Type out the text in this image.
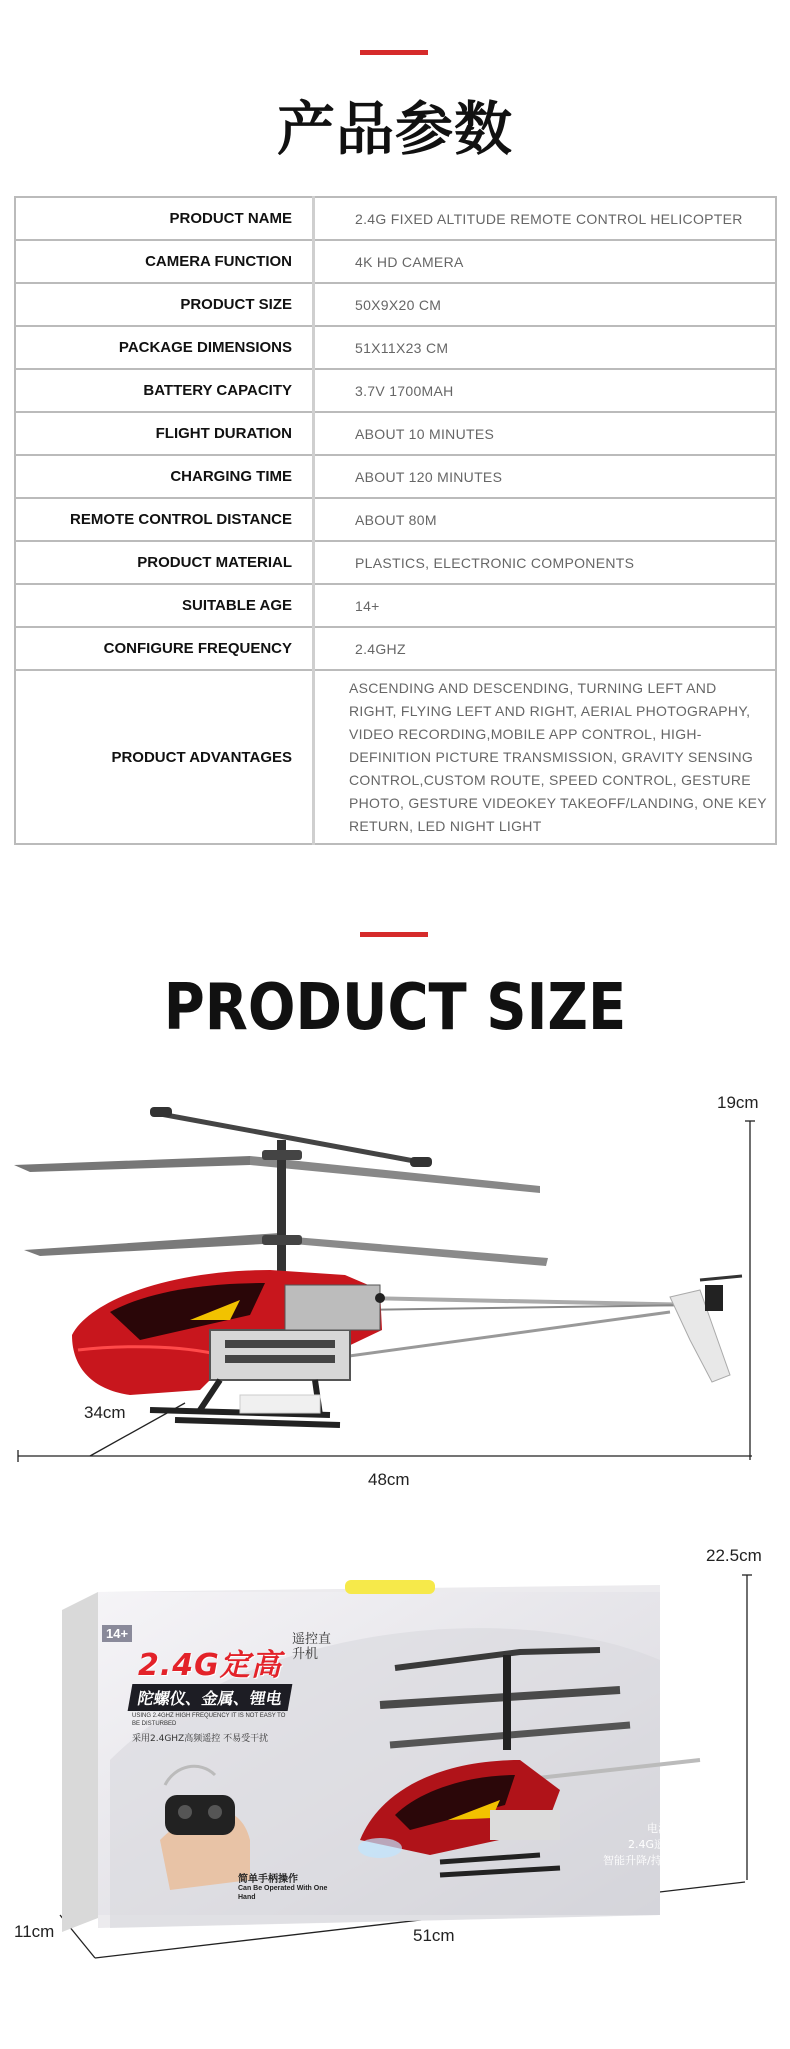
产品参数
PRODUCT NAME	2.4G FIXED ALTITUDE REMOTE CONTROL HELICOPTER
CAMERA FUNCTION	4K HD CAMERA
PRODUCT SIZE	50X9X20 CM
PACKAGE DIMENSIONS	51X11X23 CM
BATTERY CAPACITY	3.7V 1700MAH
FLIGHT DURATION	ABOUT 10 MINUTES
CHARGING TIME	ABOUT 120 MINUTES
REMOTE CONTROL DISTANCE	ABOUT 80M
PRODUCT MATERIAL	PLASTICS, ELECTRONIC COMPONENTS
SUITABLE AGE	14+
CONFIGURE FREQUENCY	2.4GHZ
PRODUCT ADVANTAGES	ASCENDING AND DESCENDING, TURNING LEFT AND RIGHT, FLYING LEFT AND RIGHT, AERIAL PHOTOGRAPHY, VIDEO RECORDING,MOBILE APP CONTROL, HIGH-DEFINITION PICTURE TRANSMISSION, GRAVITY SENSING CONTROL,CUSTOM ROUTE, SPEED CONTROL, GESTURE PHOTO, GESTURE VIDEOKEY TAKEOFF/LANDING, ONE KEY RETURN, LED NIGHT LIGHT
PRODUCT SIZE
19cm
34cm
48cm
14+
2.4G定高
遥控直升机
陀螺仪、金属、锂电
USING 2.4GHZ HIGH FREQUENCY IT IS NOT EASY TO BE DISTURBED
采用2.4GHZ高频遥控 不易受干扰
简单手柄操作
Can Be Operated With One Hand
电池可更换
2.4G遥控信号
智能升降/持久续航
22.5cm
11cm	51cm
